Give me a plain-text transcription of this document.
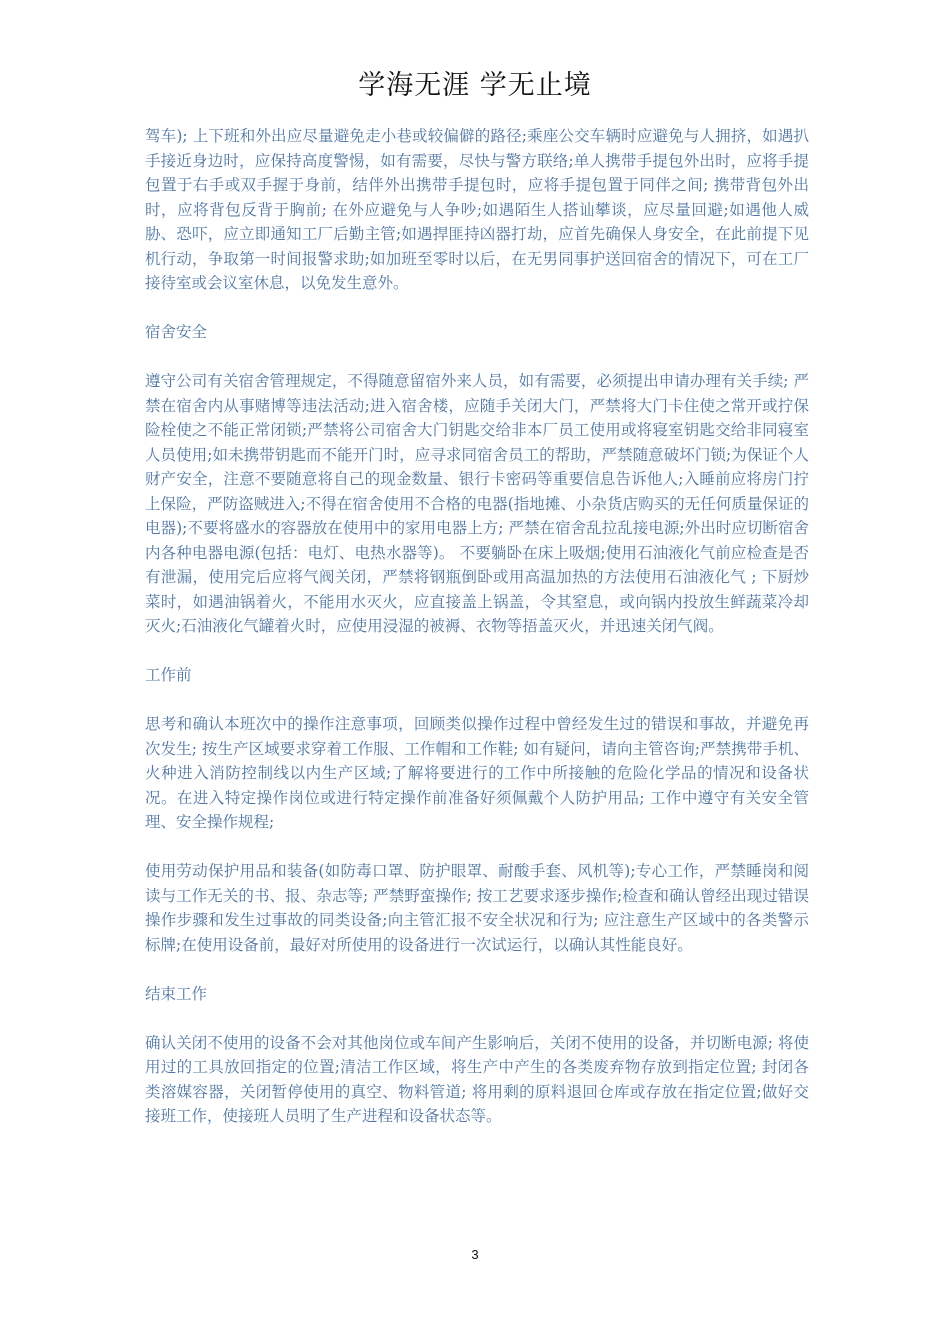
学海无涯 学无止境

驾车); 上下班和外出应尽量避免走小巷或较偏僻的路径;乘座公交车辆时应避免与人拥挤，如遇扒手接近身边时，应保持高度警惕，如有需要，尽快与警方联络;单人携带手提包外出时，应将手提包置于右手或双手握于身前，结伴外出携带手提包时，应将手提包置于同伴之间; 携带背包外出时，应将背包反背于胸前; 在外应避免与人争吵;如遇陌生人搭讪攀谈，应尽量回避;如遇他人威胁、恐吓，应立即通知工厂后勤主管;如遇捍匪持凶器打劫，应首先确保人身安全，在此前提下见机行动，争取第一时间报警求助;如加班至零时以后，在无男同事护送回宿舍的情况下，可在工厂接待室或会议室休息，以免发生意外。

宿舍安全

遵守公司有关宿舍管理规定，不得随意留宿外来人员，如有需要，必须提出申请办理有关手续; 严禁在宿舍内从事赌博等违法活动;进入宿舍楼，应随手关闭大门，严禁将大门卡住使之常开或拧保险栓使之不能正常闭锁;严禁将公司宿舍大门钥匙交给非本厂员工使用或将寝室钥匙交给非同寝室人员使用;如未携带钥匙而不能开门时，应寻求同宿舍员工的帮助，严禁随意破坏门锁;为保证个人财产安全，注意不要随意将自己的现金数量、银行卡密码等重要信息告诉他人;入睡前应将房门拧上保险，严防盗贼进入;不得在宿舍使用不合格的电器(指地摊、小杂货店购买的无任何质量保证的电器);不要将盛水的容器放在使用中的家用电器上方; 严禁在宿舍乱拉乱接电源;外出时应切断宿舍内各种电器电源(包括：电灯、电热水器等)。 不要躺卧在床上吸烟;使用石油液化气前应检查是否有泄漏，使用完后应将气阀关闭，严禁将钢瓶倒卧或用高温加热的方法使用石油液化气 ; 下厨炒菜时，如遇油锅着火，不能用水灭火，应直接盖上锅盖，令其窒息，或向锅内投放生鲜蔬菜冷却灭火;石油液化气罐着火时，应使用浸湿的被褥、衣物等捂盖灭火，并迅速关闭气阀。

工作前

思考和确认本班次中的操作注意事项，回顾类似操作过程中曾经发生过的错误和事故，并避免再次发生; 按生产区域要求穿着工作服、工作帽和工作鞋; 如有疑问，请向主管咨询;严禁携带手机、火种进入消防控制线以内生产区域;了解将要进行的工作中所接触的危险化学品的情况和设备状况。在进入特定操作岗位或进行特定操作前准备好须佩戴个人防护用品; 工作中遵守有关安全管理、安全操作规程;

使用劳动保护用品和装备(如防毒口罩、防护眼罩、耐酸手套、风机等);专心工作，严禁睡岗和阅读与工作无关的书、报、杂志等; 严禁野蛮操作; 按工艺要求逐步操作;检查和确认曾经出现过错误操作步骤和发生过事故的同类设备;向主管汇报不安全状况和行为; 应注意生产区域中的各类警示标牌;在使用设备前，最好对所使用的设备进行一次试运行，以确认其性能良好。

结束工作

确认关闭不使用的设备不会对其他岗位或车间产生影响后，关闭不使用的设备，并切断电源; 将使用过的工具放回指定的位置;清洁工作区域，将生产中产生的各类废弃物存放到指定位置; 封闭各类溶媒容器，关闭暂停使用的真空、物料管道; 将用剩的原料退回仓库或存放在指定位置;做好交接班工作，使接班人员明了生产进程和设备状态等。

3
